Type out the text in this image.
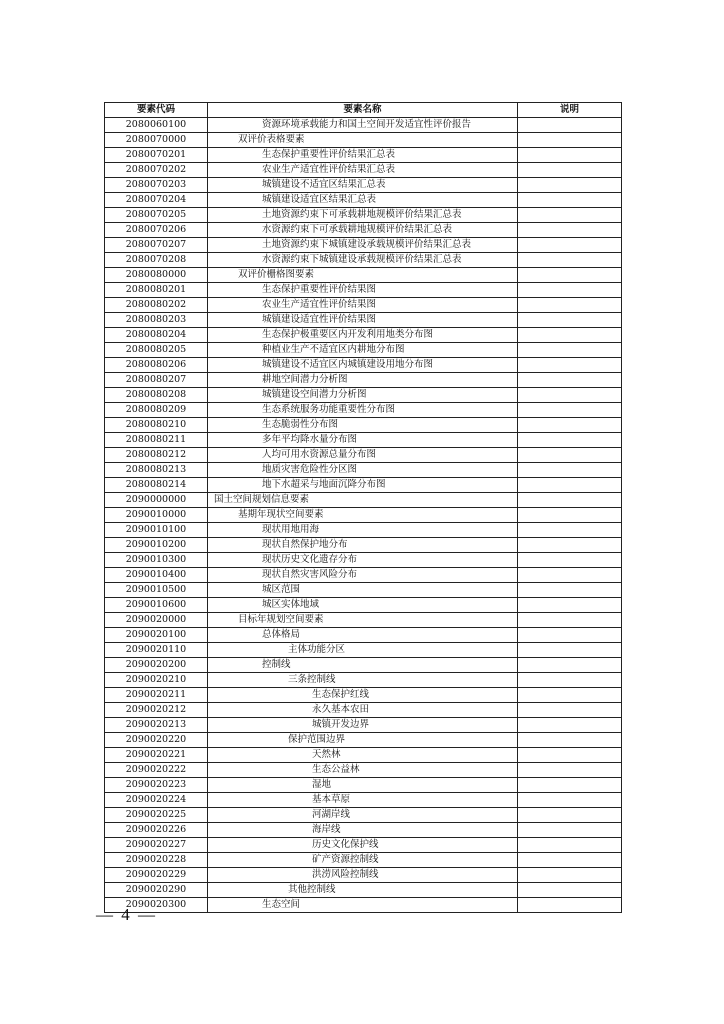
要素代码	要素名称	说明
2080060100	资源环境承载能力和国土空间开发适宜性评价报告	
2080070000	双评价表格要素	
2080070201	生态保护重要性评价结果汇总表	
2080070202	农业生产适宜性评价结果汇总表	
2080070203	城镇建设不适宜区结果汇总表	
2080070204	城镇建设适宜区结果汇总表	
2080070205	土地资源约束下可承载耕地规模评价结果汇总表	
2080070206	水资源约束下可承载耕地规模评价结果汇总表	
2080070207	土地资源约束下城镇建设承载规模评价结果汇总表	
2080070208	水资源约束下城镇建设承载规模评价结果汇总表	
2080080000	双评价栅格图要素	
2080080201	生态保护重要性评价结果图	
2080080202	农业生产适宜性评价结果图	
2080080203	城镇建设适宜性评价结果图	
2080080204	生态保护极重要区内开发利用地类分布图	
2080080205	种植业生产不适宜区内耕地分布图	
2080080206	城镇建设不适宜区内城镇建设用地分布图	
2080080207	耕地空间潜力分析图	
2080080208	城镇建设空间潜力分析图	
2080080209	生态系统服务功能重要性分布图	
2080080210	生态脆弱性分布图	
2080080211	多年平均降水量分布图	
2080080212	人均可用水资源总量分布图	
2080080213	地质灾害危险性分区图	
2080080214	地下水超采与地面沉降分布图	
2090000000	国土空间规划信息要素	
2090010000	基期年现状空间要素	
2090010100	现状用地用海	
2090010200	现状自然保护地分布	
2090010300	现状历史文化遗存分布	
2090010400	现状自然灾害风险分布	
2090010500	城区范围	
2090010600	城区实体地域	
2090020000	目标年规划空间要素	
2090020100	总体格局	
2090020110	主体功能分区	
2090020200	控制线	
2090020210	三条控制线	
2090020211	生态保护红线	
2090020212	永久基本农田	
2090020213	城镇开发边界	
2090020220	保护范围边界	
2090020221	天然林	
2090020222	生态公益林	
2090020223	湿地	
2090020224	基本草原	
2090020225	河湖岸线	
2090020226	海岸线	
2090020227	历史文化保护线	
2090020228	矿产资源控制线	
2090020229	洪涝风险控制线	
2090020290	其他控制线	
2090020300	生态空间	
— 4 —
